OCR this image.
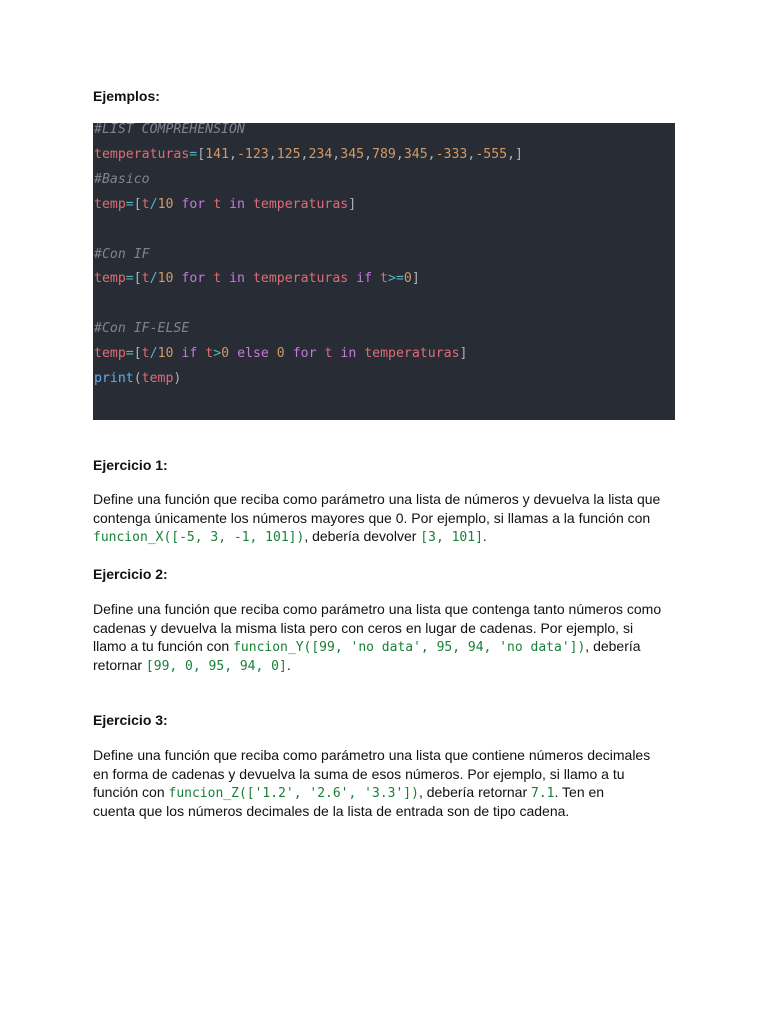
Ejemplos:
#LIST COMPREHENSION
temperaturas=[141,-123,125,234,345,789,345,-333,-555,]
#Basico
temp=[t/10 for t in temperaturas]
#Con IF
temp=[t/10 for t in temperaturas if t>=0]
#Con IF-ELSE
temp=[t/10 if t>0 else 0 for t in temperaturas]
print(temp)
Ejercicio 1:
Define una función que reciba como parámetro una lista de números y devuelva la lista que
contenga únicamente los números mayores que 0. Por ejemplo, si llamas a la función con
funcion_X([-5, 3, -1, 101]), debería devolver [3, 101].
Ejercicio 2:
Define una función que reciba como parámetro una lista que contenga tanto números como
cadenas y devuelva la misma lista pero con ceros en lugar de cadenas. Por ejemplo, si
llamo a tu función con funcion_Y([99, 'no data', 95, 94, 'no data']), debería
retornar [99, 0, 95, 94, 0].
Ejercicio 3:
Define una función que reciba como parámetro una lista que contiene números decimales
en forma de cadenas y devuelva la suma de esos números. Por ejemplo, si llamo a tu
función con funcion_Z(['1.2', '2.6', '3.3']), debería retornar 7.1. Ten en
cuenta que los números decimales de la lista de entrada son de tipo cadena.
